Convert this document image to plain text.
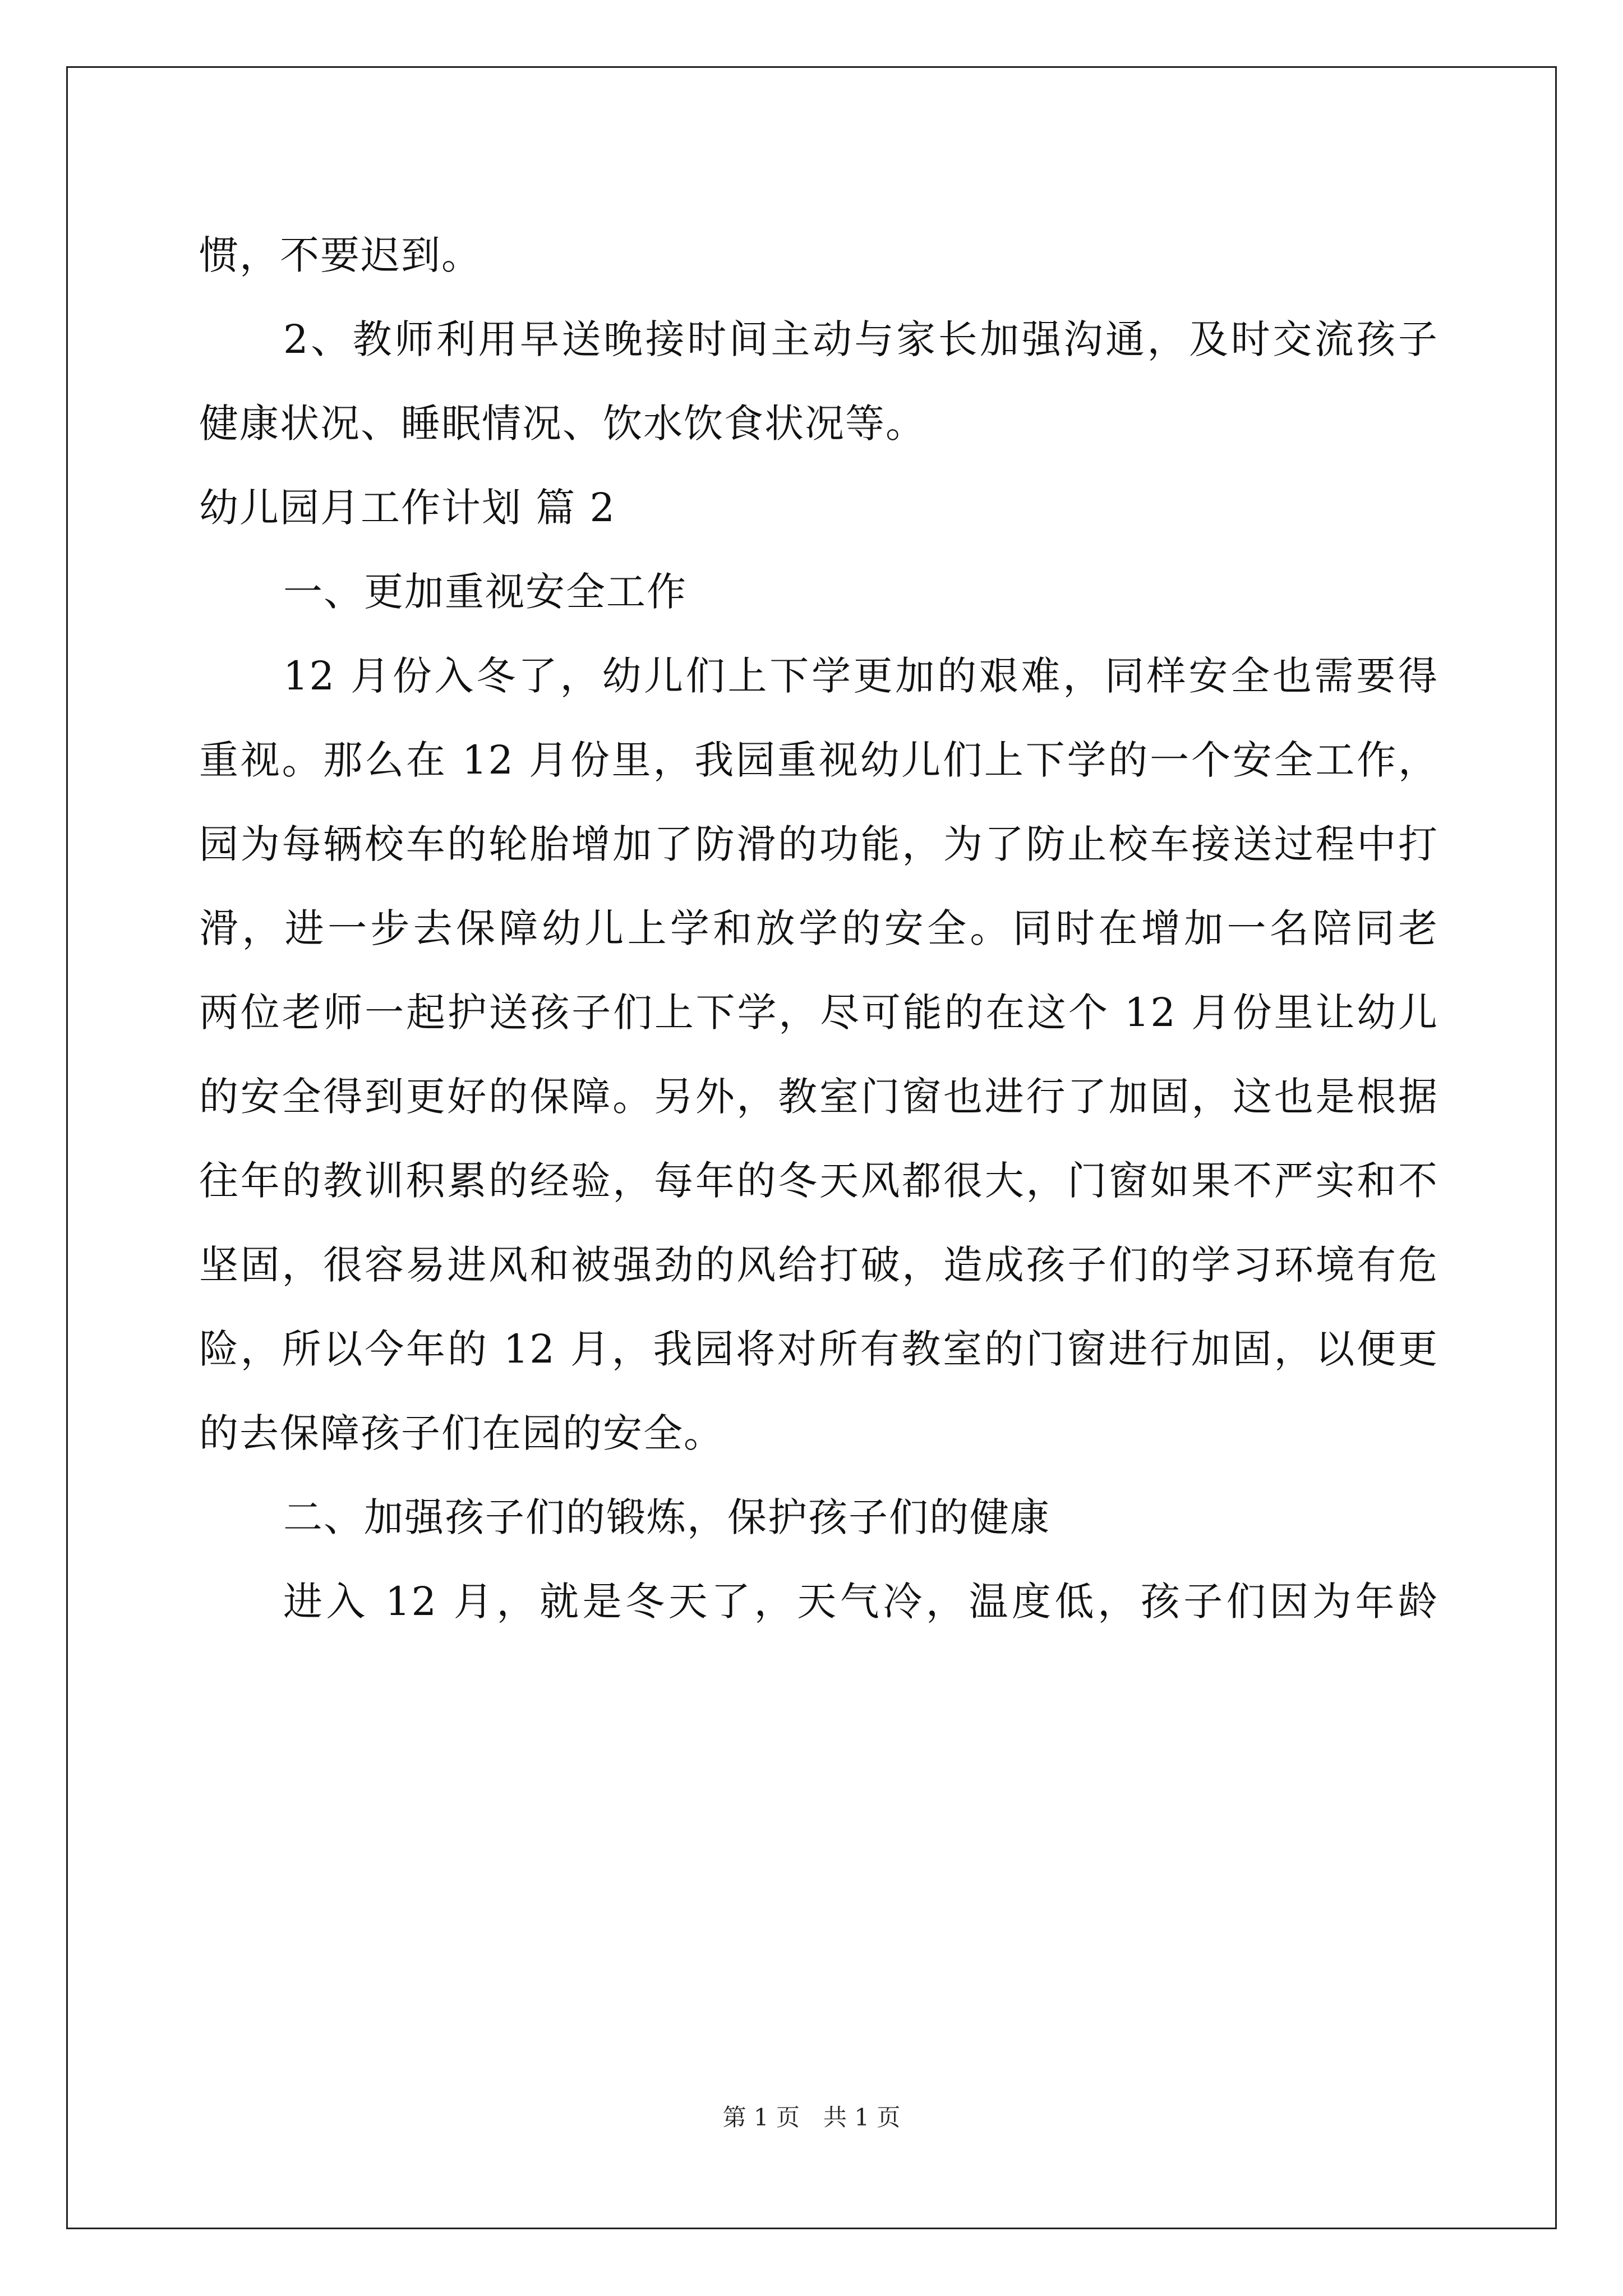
惯，不要迟到。
2、教师利用早送晚接时间主动与家长加强沟通，及时交流孩子
健康状况、睡眠情况、饮水饮食状况等。
幼儿园月工作计划 篇 2
一、更加重视安全工作
12 月份入冬了，幼儿们上下学更加的艰难，同样安全也需要得
重视。那么在 12 月份里，我园重视幼儿们上下学的一个安全工作，
园为每辆校车的轮胎增加了防滑的功能，为了防止校车接送过程中打
滑，进一步去保障幼儿上学和放学的安全。同时在增加一名陪同老
两位老师一起护送孩子们上下学，尽可能的在这个 12 月份里让幼儿
的安全得到更好的保障。另外，教室门窗也进行了加固，这也是根据
往年的教训积累的经验，每年的冬天风都很大，门窗如果不严实和不
坚固，很容易进风和被强劲的风给打破，造成孩子们的学习环境有危
险，所以今年的 12 月，我园将对所有教室的门窗进行加固，以便更
的去保障孩子们在园的安全。
二、加强孩子们的锻炼，保护孩子们的健康
进入 12 月，就是冬天了，天气冷，温度低，孩子们因为年龄
第 1 页　共 1 页
